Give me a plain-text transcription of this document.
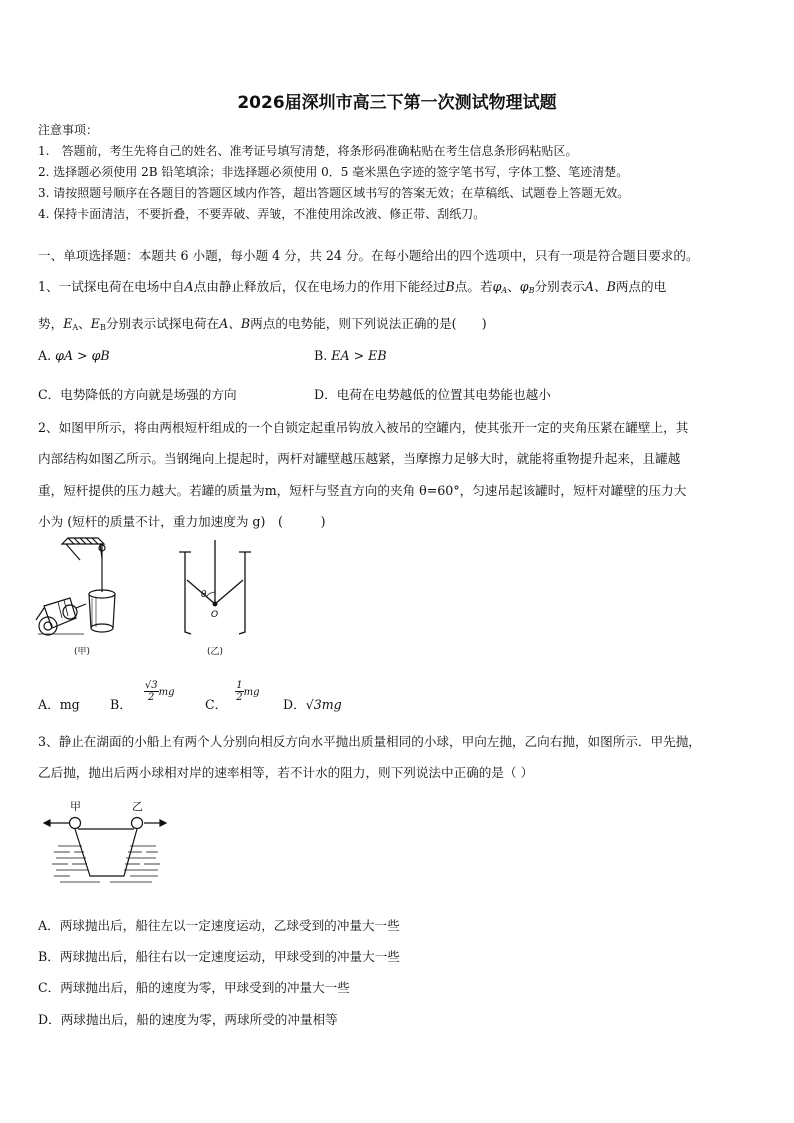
2026届深圳市高三下第一次测试物理试题
注意事项：
1.　答题前，考生先将自己的姓名、准考证号填写清楚，将条形码准确粘贴在考生信息条形码粘贴区。
2. 选择题必须使用 2B 铅笔填涂；非选择题必须使用 0．5 毫米黑色字迹的签字笔书写，字体工整、笔迹清楚。
3. 请按照题号顺序在各题目的答题区域内作答，超出答题区域书写的答案无效；在草稿纸、试题卷上答题无效。
4. 保持卡面清洁，不要折叠，不要弄破、弄皱，不准使用涂改液、修正带、刮纸刀。
一、单项选择题：本题共 6 小题，每小题 4 分，共 24 分。在每小题给出的四个选项中，只有一项是符合题目要求的。
1、一试探电荷在电场中自A点由静止释放后，仅在电场力的作用下能经过B点。若$\varphi_A$、$\varphi_B$分别表示A、B两点的电
势，$E_A$、$E_B$分别表示试探电荷在A、B两点的电势能，则下列说法正确的是(　　)
A. φA > φB	B. EA > EB
C．电势降低的方向就是场强的方向	D．电荷在电势越低的位置其电势能也越小
2、如图甲所示，将由两根短杆组成的一个自锁定起重吊钩放入被吊的空罐内，使其张开一定的夹角压紧在罐壁上，其
内部结构如图乙所示。当钢绳向上提起时，两杆对罐壁越压越紧，当摩擦力足够大时，就能将重物提升起来，且罐越
重，短杆提供的压力越大。若罐的质量为m，短杆与竖直方向的夹角 θ=60°，匀速吊起该罐时，短杆对罐壁的压力大
小为 (短杆的质量不计，重力加速度为 g)　(　　　)
(甲)
θ
O
(乙)
A．mg B．
$\frac{√3}{2}$ mg
C．
$\frac{1}{2}$ mg
D．√3mg
3、静止在湖面的小船上有两个人分别向相反方向水平抛出质量相同的小球，甲向左抛，乙向右抛，如图所示．甲先抛，
乙后抛，抛出后两小球相对岸的速率相等，若不计水的阻力，则下列说法中正确的是（ ）
甲	乙
A．两球抛出后，船往左以一定速度运动，乙球受到的冲量大一些
B．两球抛出后，船往右以一定速度运动，甲球受到的冲量大一些
C．两球抛出后，船的速度为零，甲球受到的冲量大一些
D．两球抛出后，船的速度为零，两球所受的冲量相等
